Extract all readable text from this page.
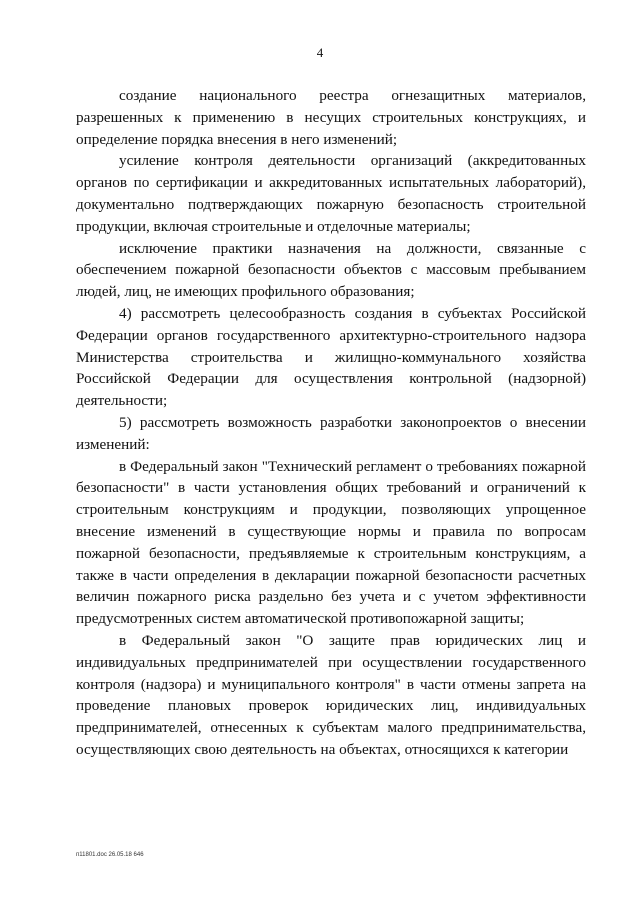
4

создание национального реестра огнезащитных материалов, разрешенных к применению в несущих строительных конструкциях, и определение порядка внесения в него изменений;

усиление контроля деятельности организаций (аккредитованных органов по сертификации и аккредитованных испытательных лабораторий), документально подтверждающих пожарную безопасность строительной продукции, включая строительные и отделочные материалы;

исключение практики назначения на должности, связанные с обеспечением пожарной безопасности объектов с массовым пребыванием людей, лиц, не имеющих профильного образования;

4) рассмотреть целесообразность создания в субъектах Российской Федерации органов государственного архитектурно-строительного надзора Министерства строительства и жилищно-коммунального хозяйства Российской Федерации для осуществления контрольной (надзорной) деятельности;

5) рассмотреть возможность разработки законопроектов о внесении изменений:

в Федеральный закон "Технический регламент о требованиях пожарной безопасности" в части установления общих требований и ограничений к строительным конструкциям и продукции, позволяющих упрощенное внесение изменений в существующие нормы и правила по вопросам пожарной безопасности, предъявляемые к строительным конструкциям, а также в части определения в декларации пожарной безопасности расчетных величин пожарного риска раздельно без учета и с учетом эффективности предусмотренных систем автоматической противопожарной защиты;

в Федеральный закон "О защите прав юридических лиц и индивидуальных предпринимателей при осуществлении государственного контроля (надзора) и муниципального контроля" в части отмены запрета на проведение плановых проверок юридических лиц, индивидуальных предпринимателей, отнесенных к субъектам малого предпринимательства, осуществляющих свою деятельность на объектах, относящихся к категории

п11801.doc 26.05.18 646
